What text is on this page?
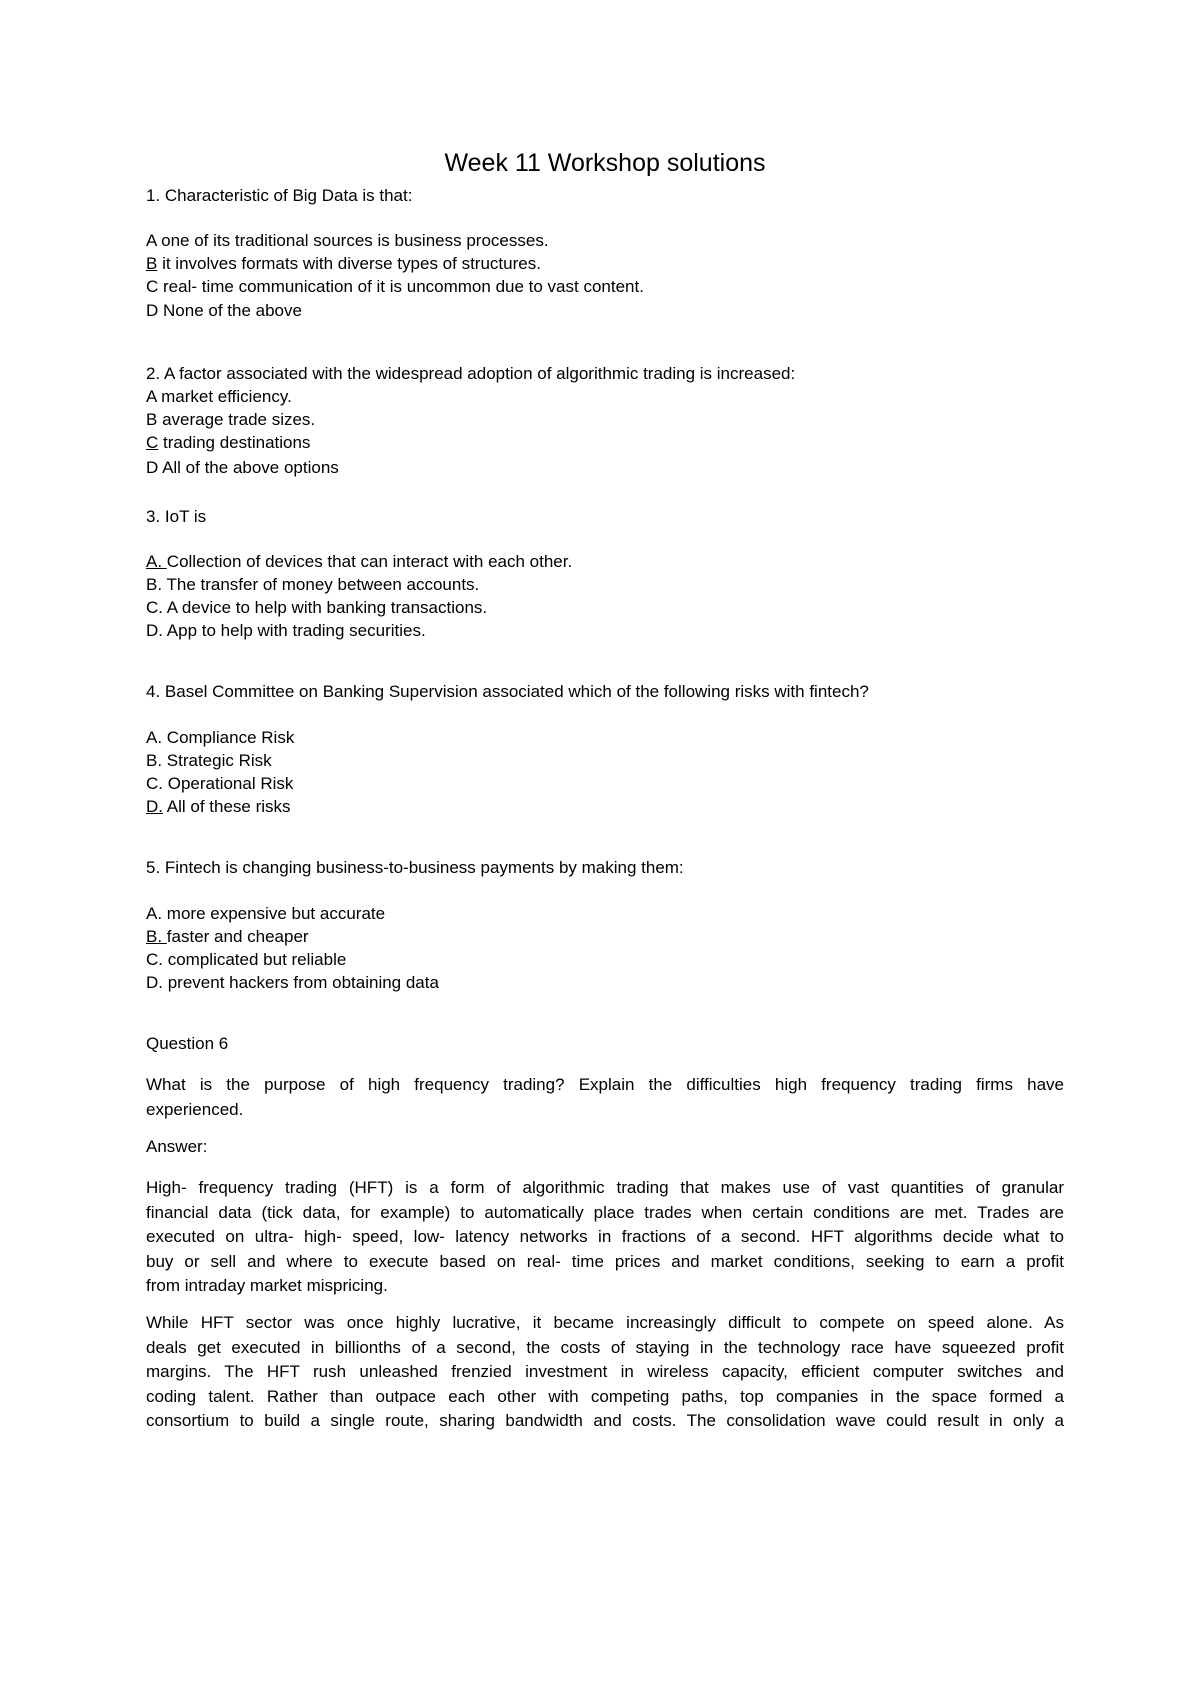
Week 11 Workshop solutions
1. Characteristic of Big Data is that:
A one of its traditional sources is business processes.
B it involves formats with diverse types of structures.
C real- time communication of it is uncommon due to vast content.
D None of the above
2. A factor associated with the widespread adoption of algorithmic trading is increased:
A market efficiency.
B average trade sizes.
C trading destinations
D All of the above options
3. IoT is
A. Collection of devices that can interact with each other.
B. The transfer of money between accounts.
C. A device to help with banking transactions.
D. App to help with trading securities.
4. Basel Committee on Banking Supervision associated which of the following risks with fintech?
A. Compliance Risk
B. Strategic Risk
C. Operational Risk
D. All of these risks
5. Fintech is changing business-to-business payments by making them:
A. more expensive but accurate
B. faster and cheaper
C. complicated but reliable
D. prevent hackers from obtaining data
Question 6
What is the purpose of high frequency trading? Explain the difficulties high frequency trading firms have
experienced.
Answer:
High- frequency trading (HFT) is a form of algorithmic trading that makes use of vast quantities of granular
financial data (tick data, for example) to automatically place trades when certain conditions are met. Trades are
executed on ultra- high- speed, low- latency networks in fractions of a second. HFT algorithms decide what to
buy or sell and where to execute based on real- time prices and market conditions, seeking to earn a profit
from intraday market mispricing.
While HFT sector was once highly lucrative, it became increasingly difficult to compete on speed alone. As
deals get executed in billionths of a second, the costs of staying in the technology race have squeezed profit
margins. The HFT rush unleashed frenzied investment in wireless capacity, efficient computer switches and
coding talent. Rather than outpace each other with competing paths, top companies in the space formed a
consortium to build a single route, sharing bandwidth and costs. The consolidation wave could result in only a
